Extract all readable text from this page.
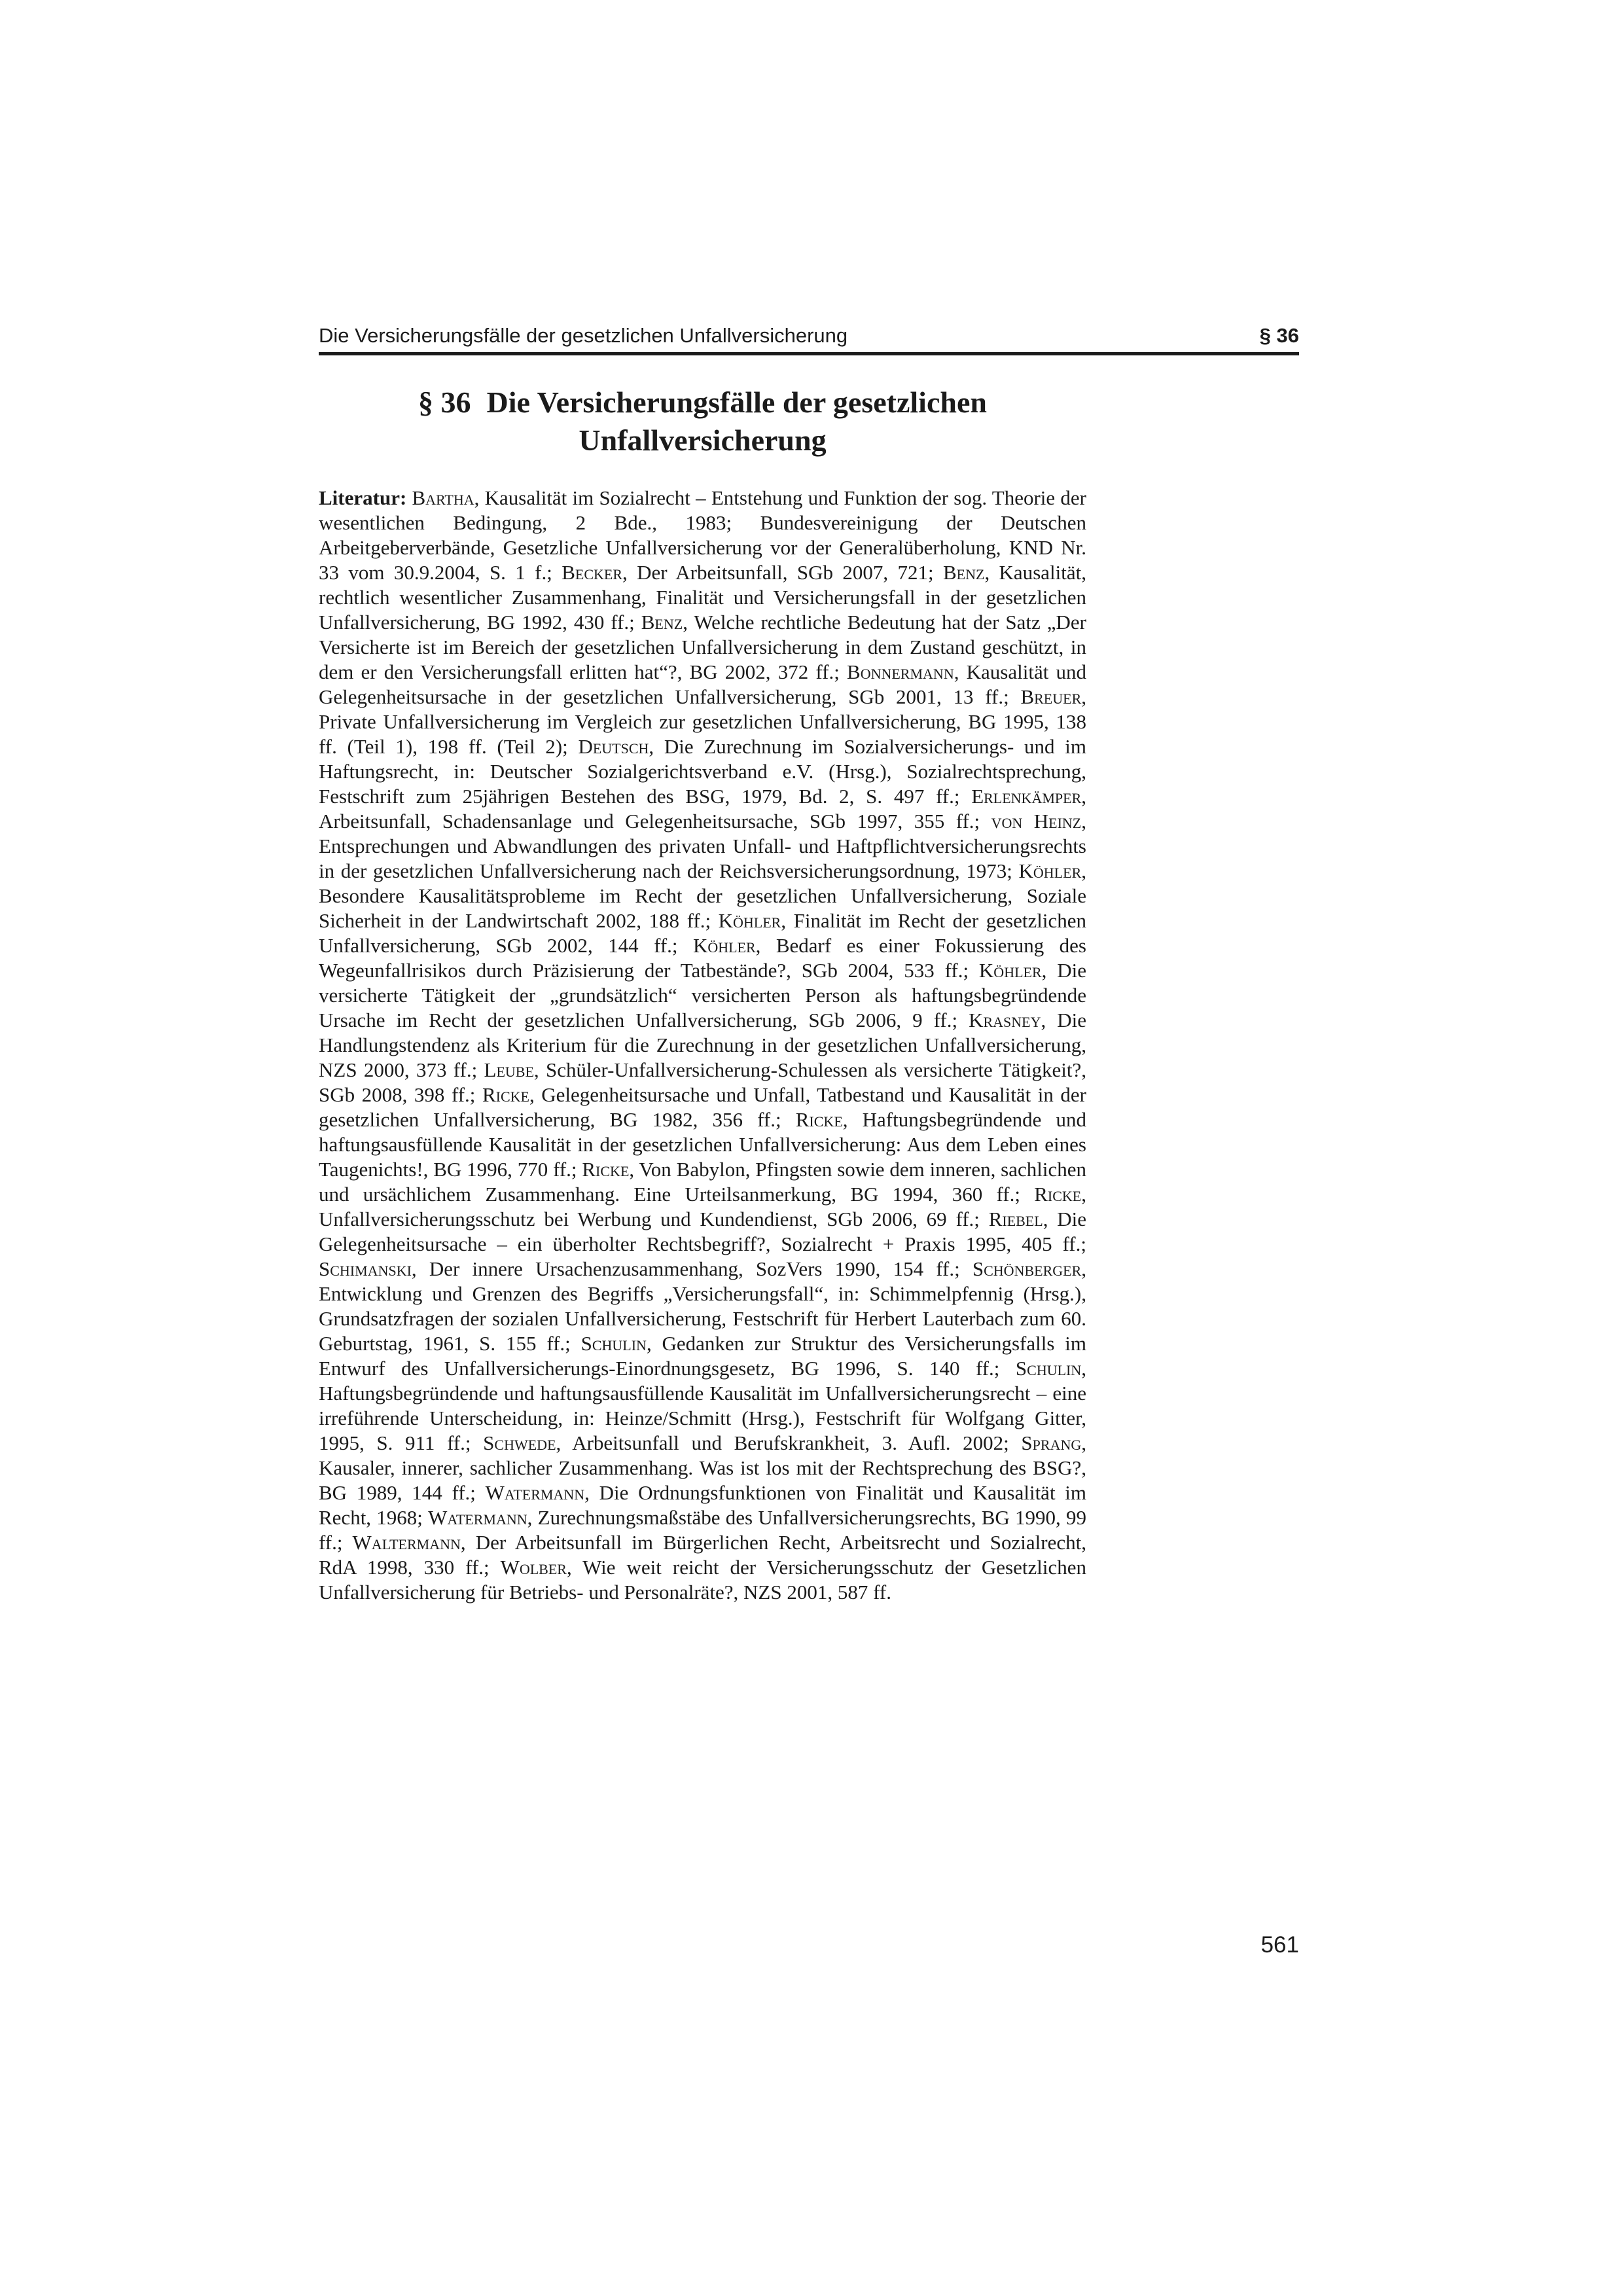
Die Versicherungsfälle der gesetzlichen Unfallversicherung	§ 36
§ 36 Die Versicherungsfälle der gesetzlichen
Unfallversicherung

Literatur: Bartha, Kausalität im Sozialrecht – Entstehung und Funktion der sog. Theorie der wesentlichen Bedingung, 2 Bde., 1983; Bundesvereinigung der Deutschen Arbeitgeberverbände, Gesetzliche Unfallversicherung vor der Generalüberholung, KND Nr. 33 vom 30.9.2004, S. 1 f.; Becker, Der Arbeitsunfall, SGb 2007, 721; Benz, Kausalität, rechtlich wesentlicher Zusammenhang, Finalität und Versicherungsfall in der gesetzlichen Unfallversicherung, BG 1992, 430 ff.; Benz, Welche rechtliche Bedeutung hat der Satz „Der Versicherte ist im Bereich der gesetzlichen Unfallversicherung in dem Zustand geschützt, in dem er den Versicherungsfall erlitten hat“?, BG 2002, 372 ff.; Bonnermann, Kausalität und Gelegenheitsursache in der gesetzlichen Unfallversicherung, SGb 2001, 13 ff.; Breuer, Private Unfallversicherung im Vergleich zur gesetzlichen Unfallversicherung, BG 1995, 138 ff. (Teil 1), 198 ff. (Teil 2); Deutsch, Die Zurechnung im Sozialversicherungs- und im Haftungsrecht, in: Deutscher Sozialgerichtsverband e.V. (Hrsg.), Sozialrechtsprechung, Festschrift zum 25jährigen Bestehen des BSG, 1979, Bd. 2, S. 497 ff.; Erlenkämper, Arbeitsunfall, Schadensanlage und Gelegenheitsursache, SGb 1997, 355 ff.; von Heinz, Entsprechungen und Abwandlungen des privaten Unfall- und Haftpflichtversicherungsrechts in der gesetzlichen Unfallversicherung nach der Reichsversicherungsordnung, 1973; Köhler, Besondere Kausalitätsprobleme im Recht der gesetzlichen Unfallversicherung, Soziale Sicherheit in der Landwirtschaft 2002, 188 ff.; Köhler, Finalität im Recht der gesetzlichen Unfallversicherung, SGb 2002, 144 ff.; Köhler, Bedarf es einer Fokussierung des Wegeunfallrisikos durch Präzisierung der Tatbestände?, SGb 2004, 533 ff.; Köhler, Die versicherte Tätigkeit der „grundsätzlich“ versicherten Person als haftungsbegründende Ursache im Recht der gesetzlichen Unfallversicherung, SGb 2006, 9 ff.; Krasney, Die Handlungstendenz als Kriterium für die Zurechnung in der gesetzlichen Unfallversicherung, NZS 2000, 373 ff.; Leube, Schüler-Unfallversicherung-Schulessen als versicherte Tätigkeit?, SGb 2008, 398 ff.; Ricke, Gelegenheitsursache und Unfall, Tatbestand und Kausalität in der gesetzlichen Unfallversicherung, BG 1982, 356 ff.; Ricke, Haftungsbegründende und haftungsausfüllende Kausalität in der gesetzlichen Unfallversicherung: Aus dem Leben eines Taugenichts!, BG 1996, 770 ff.; Ricke, Von Babylon, Pfingsten sowie dem inneren, sachlichen und ursächlichem Zusammenhang. Eine Urteilsanmerkung, BG 1994, 360 ff.; Ricke, Unfallversicherungsschutz bei Werbung und Kundendienst, SGb 2006, 69 ff.; Riebel, Die Gelegenheitsursache – ein überholter Rechtsbegriff?, Sozialrecht + Praxis 1995, 405 ff.; Schimanski, Der innere Ursachenzusammenhang, SozVers 1990, 154 ff.; Schönberger, Entwicklung und Grenzen des Begriffs „Versicherungsfall“, in: Schimmelpfennig (Hrsg.), Grundsatzfragen der sozialen Unfallversicherung, Festschrift für Herbert Lauterbach zum 60. Geburtstag, 1961, S. 155 ff.; Schulin, Gedanken zur Struktur des Versicherungsfalls im Entwurf des Unfallversicherungs-Einordnungsgesetz, BG 1996, S. 140 ff.; Schulin, Haftungsbegründende und haftungsausfüllende Kausalität im Unfallversicherungsrecht – eine irreführende Unterscheidung, in: Heinze/Schmitt (Hrsg.), Festschrift für Wolfgang Gitter, 1995, S. 911 ff.; Schwede, Arbeitsunfall und Berufskrankheit, 3. Aufl. 2002; Sprang, Kausaler, innerer, sachlicher Zusammenhang. Was ist los mit der Rechtsprechung des BSG?, BG 1989, 144 ff.; Watermann, Die Ordnungsfunktionen von Finalität und Kausalität im Recht, 1968; Watermann, Zurechnungsmaßstäbe des Unfallversicherungsrechts, BG 1990, 99 ff.; Waltermann, Der Arbeitsunfall im Bürgerlichen Recht, Arbeitsrecht und Sozialrecht, RdA 1998, 330 ff.; Wolber, Wie weit reicht der Versicherungsschutz der Gesetzlichen Unfallversicherung für Betriebs- und Personalräte?, NZS 2001, 587 ff.

561
